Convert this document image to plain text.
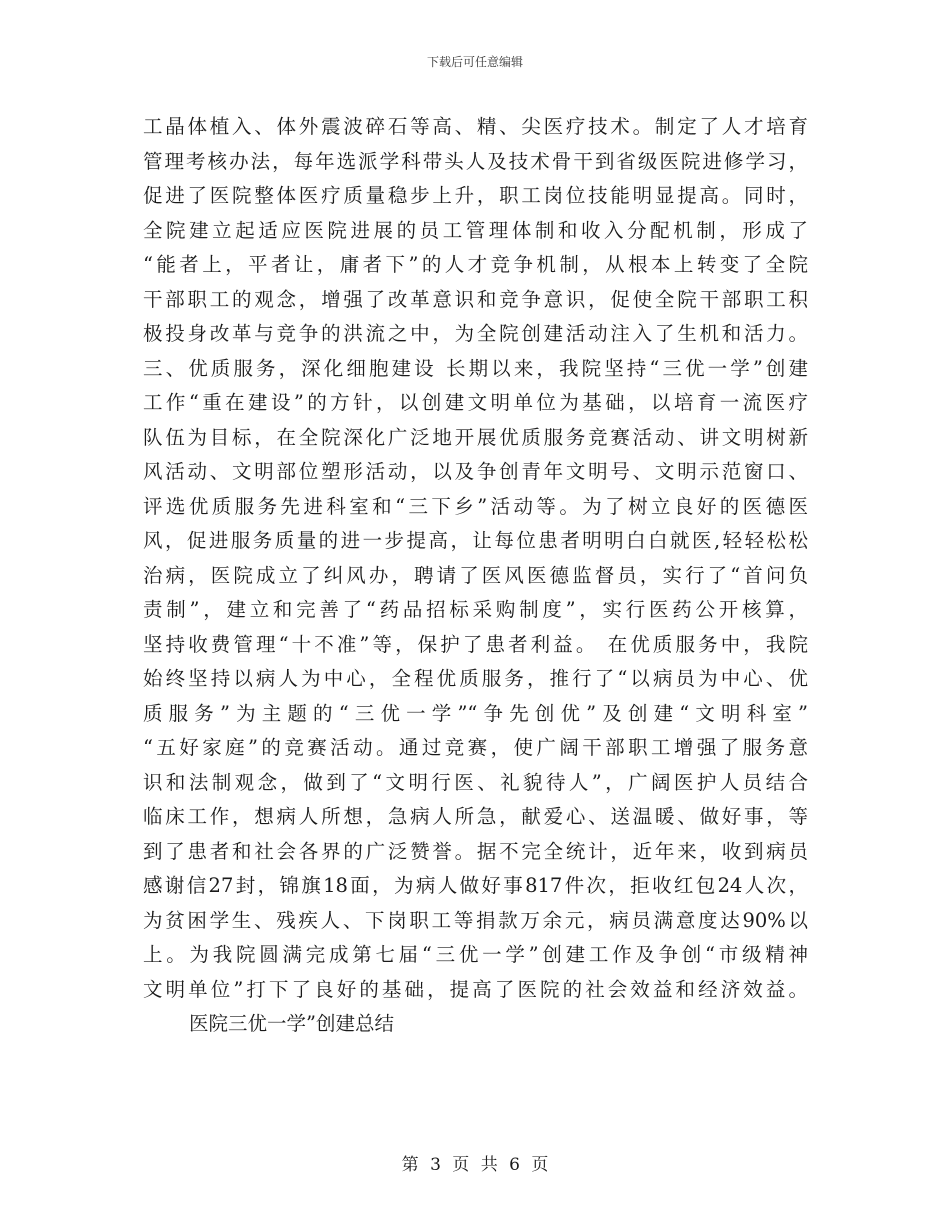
下载后可任意编辑
工晶体植入、体外震波碎石等高、精、尖医疗技术。制定了人才培育
管理考核办法，每年选派学科带头人及技术骨干到省级医院进修学习，
促进了医院整体医疗质量稳步上升，职工岗位技能明显提高。同时，
全院建立起适应医院进展的员工管理体制和收入分配机制，形成了
“能者上，平者让，庸者下”的人才竞争机制，从根本上转变了全院
干部职工的观念，增强了改革意识和竞争意识，促使全院干部职工积
极投身改革与竞争的洪流之中，为全院创建活动注入了生机和活力。
三、优质服务，深化细胞建设 长期以来，我院坚持“三优一学”创建
工作“重在建设”的方针，以创建文明单位为基础，以培育一流医疗
队伍为目标，在全院深化广泛地开展优质服务竞赛活动、讲文明树新
风活动、文明部位塑形活动，以及争创青年文明号、文明示范窗口、
评选优质服务先进科室和“三下乡”活动等。为了树立良好的医德医
风，促进服务质量的进一步提高，让每位患者明明白白就医,轻轻松松
治病，医院成立了纠风办，聘请了医风医德监督员，实行了“首问负
责制”，建立和完善了“药品招标采购制度”，实行医药公开核算，
坚持收费管理“十不准”等，保护了患者利益。 在优质服务中，我院
始终坚持以病人为中心，全程优质服务，推行了“以病员为中心、优
质服务”为主题的“三优一学”“争先创优”及创建“文明科室”
“五好家庭”的竞赛活动。通过竞赛，使广阔干部职工增强了服务意
识和法制观念，做到了“文明行医、礼貌待人”，广阔医护人员结合
临床工作，想病人所想，急病人所急，献爱心、送温暖、做好事，等
到了患者和社会各界的广泛赞誉。据不完全统计，近年来，收到病员
感谢信27封，锦旗18面，为病人做好事817件次，拒收红包24人次，
为贫困学生、残疾人、下岗职工等捐款万余元，病员满意度达90%以
上。为我院圆满完成第七届“三优一学”创建工作及争创“市级精神
文明单位”打下了良好的基础，提高了医院的社会效益和经济效益。
医院三优一学”创建总结
第 3 页 共 6 页
